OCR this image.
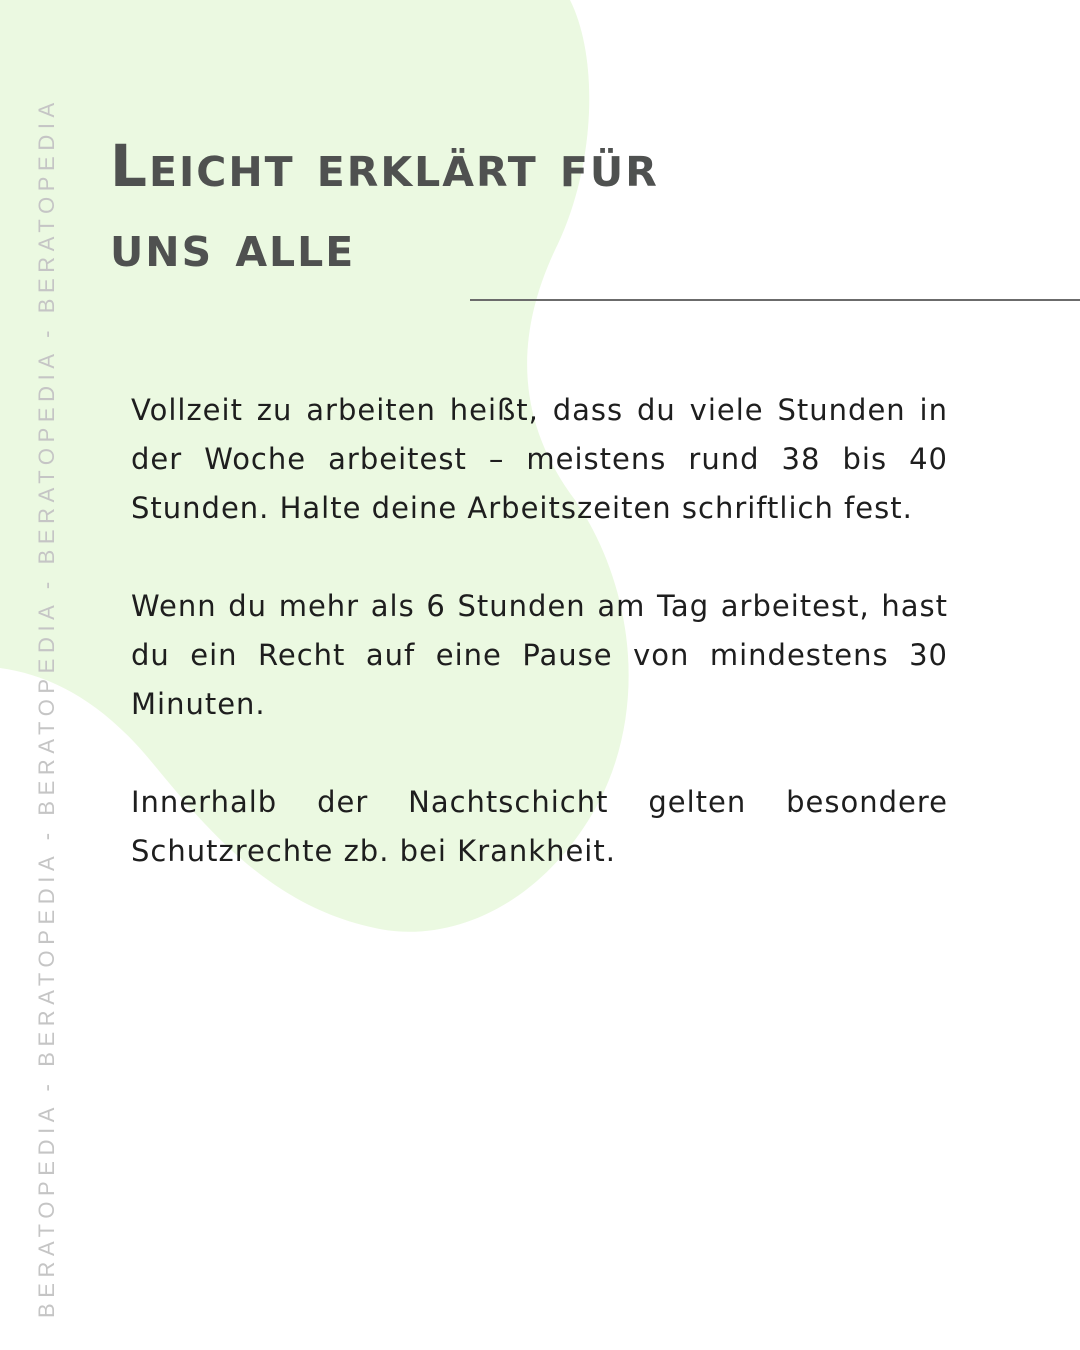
BERATOPEDIA - BERATOPEDIA - BERATOPEDIA - BERATOPEDIA - BERATOPEDIA Leicht erklärt für
uns alle

Vollzeit zu arbeiten heißt, dass du viele Stunden in der Woche arbeitest – meistens rund 38 bis 40 Stunden. Halte deine Arbeitszeiten schriftlich fest.

Wenn du mehr als 6 Stunden am Tag arbeitest, hast du ein Recht auf eine Pause von mindestens 30 Minuten.

Innerhalb der Nachtschicht gelten besondere Schutzrechte zb. bei Krankheit.
